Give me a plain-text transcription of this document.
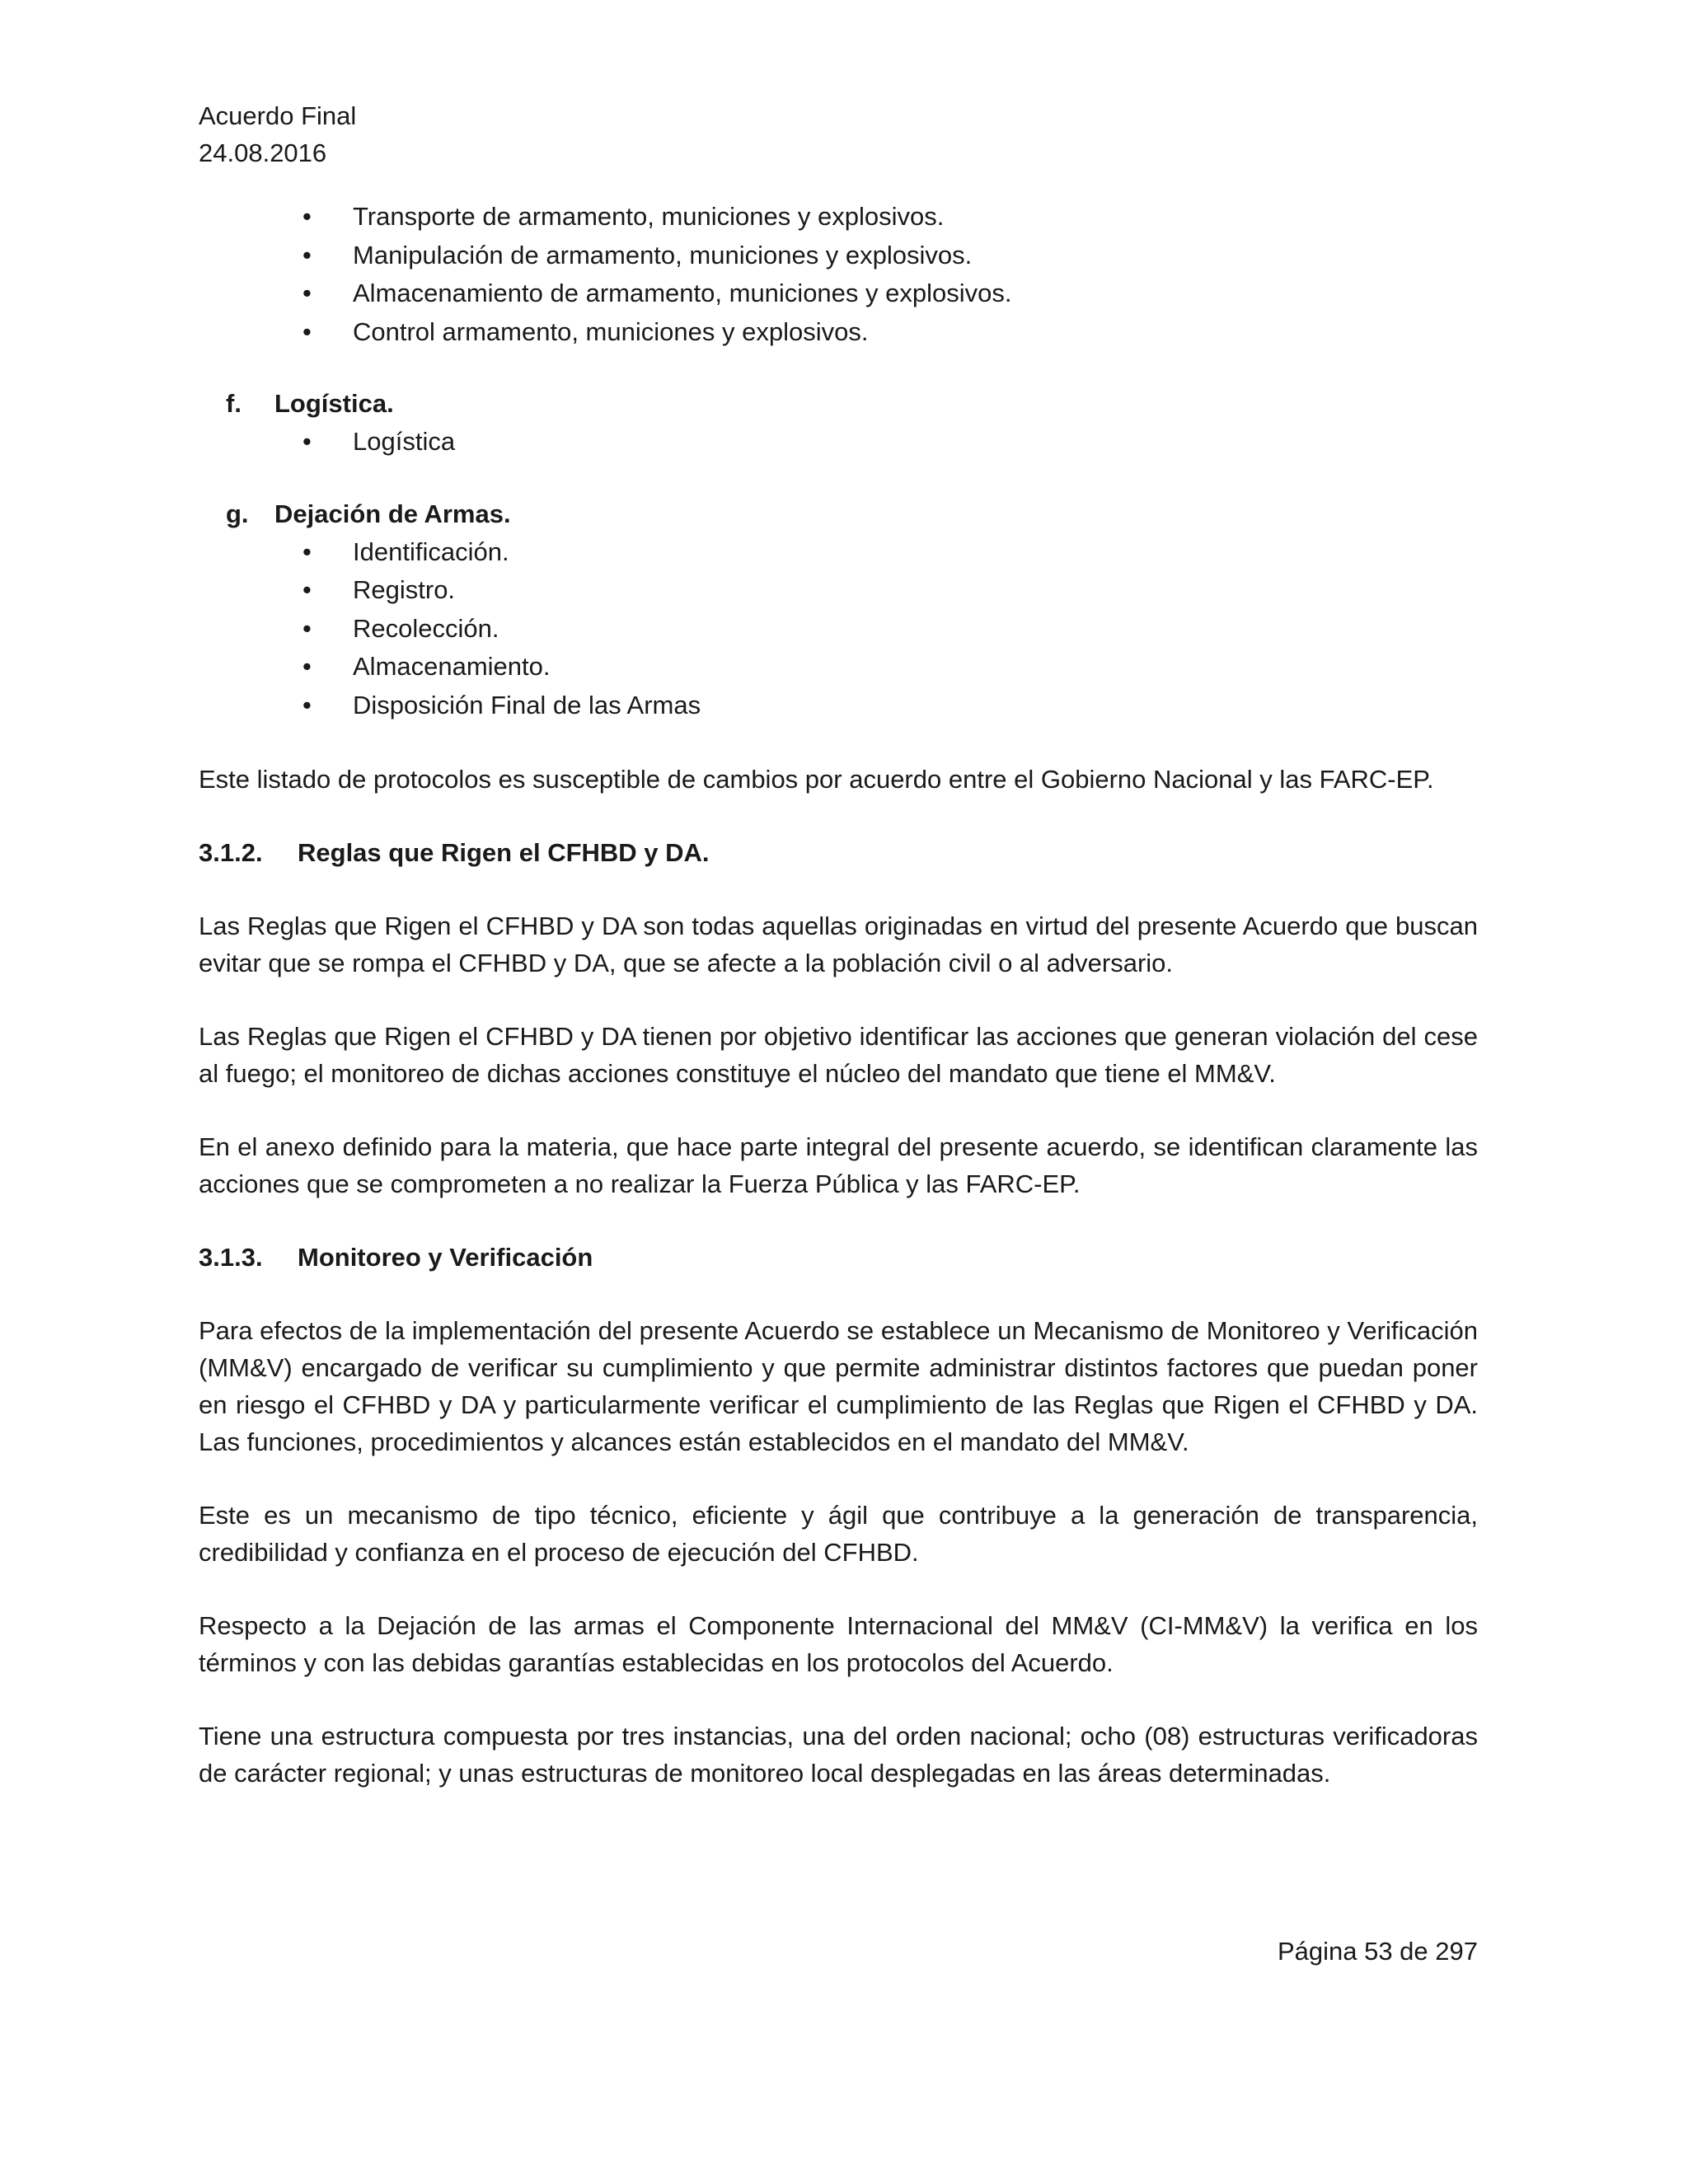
Acuerdo Final
24.08.2016
• Transporte de armamento, municiones y explosivos.
• Manipulación de armamento, municiones y explosivos.
• Almacenamiento de armamento, municiones y explosivos.
• Control armamento, municiones y explosivos.
f. Logística.
• Logística
g. Dejación de Armas.
• Identificación.
• Registro.
• Recolección.
• Almacenamiento.
• Disposición Final de las Armas

Este listado de protocolos es susceptible de cambios por acuerdo entre el Gobierno Nacional y las FARC-EP.

3.1.2. Reglas que Rigen el CFHBD y DA.

Las Reglas que Rigen el CFHBD y DA son todas aquellas originadas en virtud del presente Acuerdo que buscan evitar que se rompa el CFHBD y DA, que se afecte a la población civil o al adversario.

Las Reglas que Rigen el CFHBD y DA tienen por objetivo identificar las acciones que generan violación del cese al fuego; el monitoreo de dichas acciones constituye el núcleo del mandato que tiene el MM&V.

En el anexo definido para la materia, que hace parte integral del presente acuerdo, se identifican claramente las acciones que se comprometen a no realizar la Fuerza Pública y las FARC-EP.

3.1.3. Monitoreo y Verificación

Para efectos de la implementación del presente Acuerdo se establece un Mecanismo de Monitoreo y Verificación (MM&V) encargado de verificar su cumplimiento y que permite administrar distintos factores que puedan poner en riesgo el CFHBD y DA y particularmente verificar el cumplimiento de las Reglas que Rigen el CFHBD y DA. Las funciones, procedimientos y alcances están establecidos en el mandato del MM&V.

Este es un mecanismo de tipo técnico, eficiente y ágil que contribuye a la generación de transparencia, credibilidad y confianza en el proceso de ejecución del CFHBD.

Respecto a la Dejación de las armas el Componente Internacional del MM&V (CI-MM&V) la verifica en los términos y con las debidas garantías establecidas en los protocolos del Acuerdo.

Tiene una estructura compuesta por tres instancias, una del orden nacional; ocho (08) estructuras verificadoras de carácter regional; y unas estructuras de monitoreo local desplegadas en las áreas determinadas.

Página 53 de 297
